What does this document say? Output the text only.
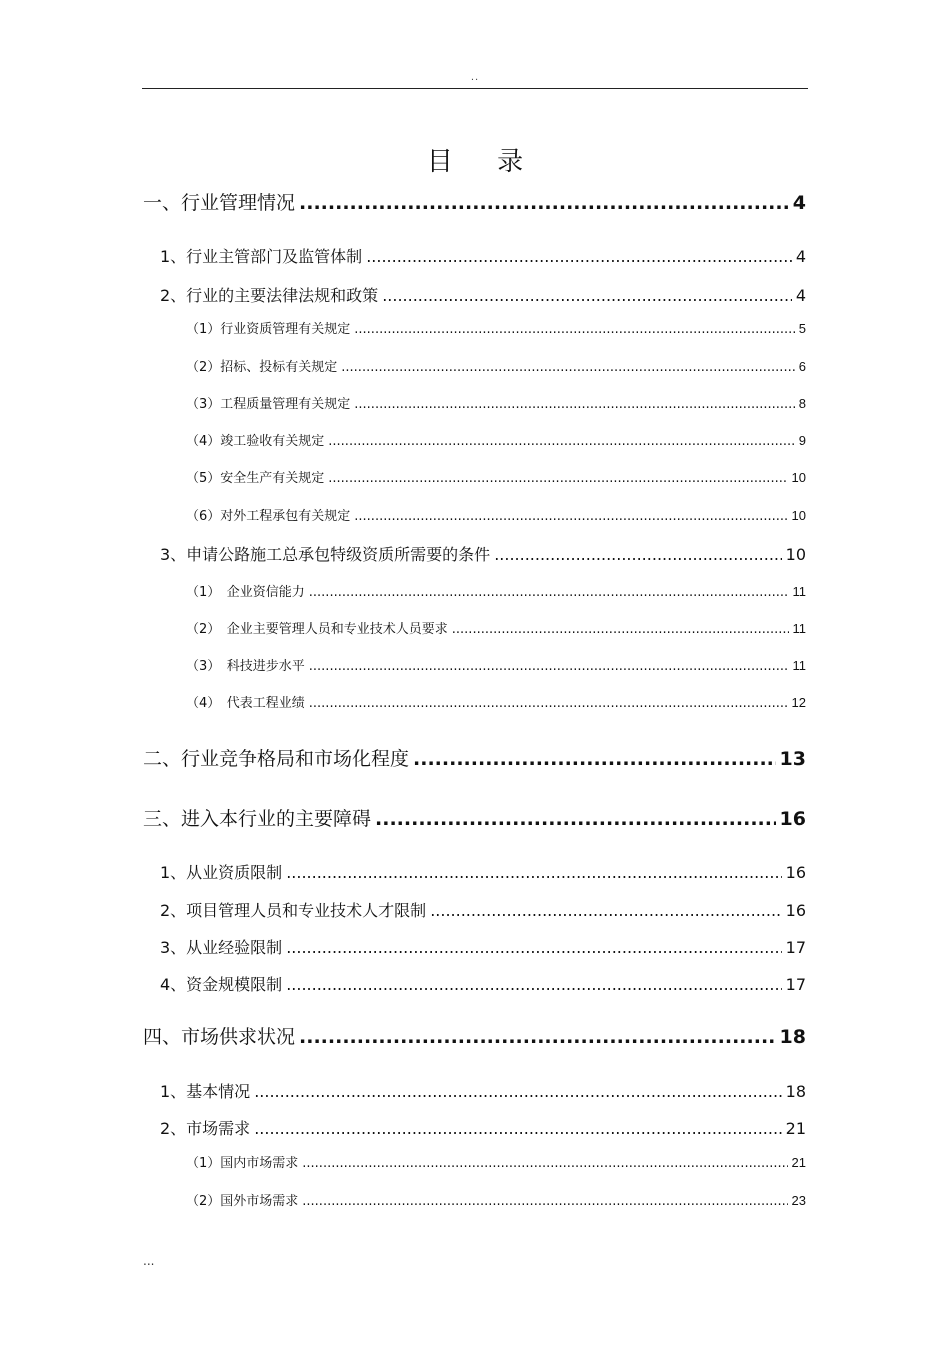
..
目 录
一、行业管理情况 .....	4
1、行业主管部门及监管体制 .....	4
2、行业的主要法律法规和政策 .....	4
（1）行业资质管理有关规定 .....	5
（2）招标、投标有关规定 .....	6
（3）工程质量管理有关规定 .....	8
（4）竣工验收有关规定 .....	9
（5）安全生产有关规定 .....	10
（6）对外工程承包有关规定 .....	10
3、申请公路施工总承包特级资质所需要的条件 .....	10
（1）　企业资信能力 .....	11
（2）　企业主要管理人员和专业技术人员要求 .....	11
（3）　科技进步水平 .....	11
（4）　代表工程业绩 .....	12
二、行业竞争格局和市场化程度 .....	13
三、进入本行业的主要障碍 .....	16
1、从业资质限制 .....	16
2、项目管理人员和专业技术人才限制 .....	16
3、从业经验限制 .....	17
4、资金规模限制 .....	17
四、市场供求状况 .....	18
1、基本情况 .....	18
2、市场需求 .....	21
（1）国内市场需求 .....	21
（2）国外市场需求 .....	23
...
